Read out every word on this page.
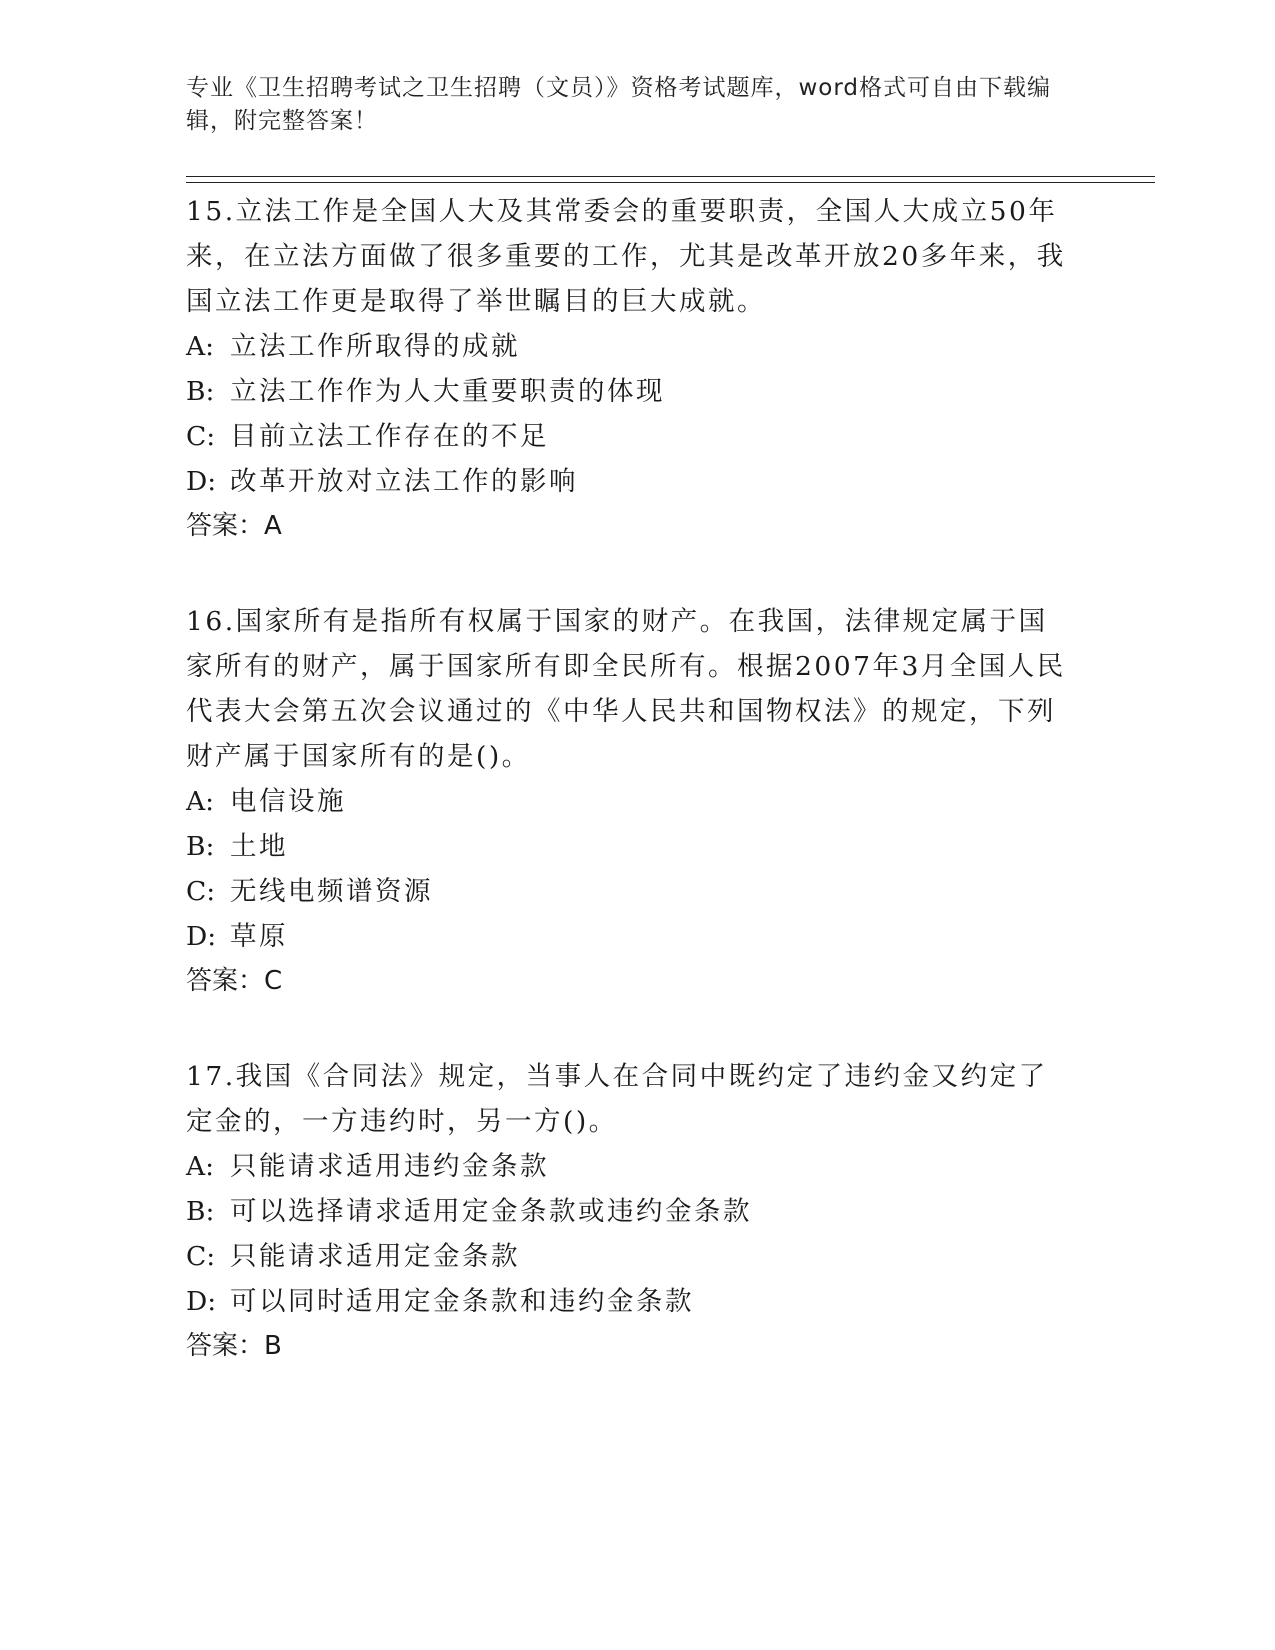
专业《卫生招聘考试之卫生招聘（文员）》资格考试题库，word格式可自由下载编辑，附完整答案！

15.立法工作是全国人大及其常委会的重要职责，全国人大成立50年来，在立法方面做了很多重要的工作，尤其是改革开放20多年来，我国立法工作更是取得了举世瞩目的巨大成就。

A: 立法工作所取得的成就

B: 立法工作作为人大重要职责的体现

C: 目前立法工作存在的不足

D: 改革开放对立法工作的影响

答案：A

16.国家所有是指所有权属于国家的财产。在我国，法律规定属于国家所有的财产，属于国家所有即全民所有。根据2007年3月全国人民代表大会第五次会议通过的《中华人民共和国物权法》的规定，下列财产属于国家所有的是()。

A: 电信设施

B: 土地

C: 无线电频谱资源

D: 草原

答案：C

17.我国《合同法》规定，当事人在合同中既约定了违约金又约定了定金的，一方违约时，另一方()。

A: 只能请求适用违约金条款

B: 可以选择请求适用定金条款或违约金条款

C: 只能请求适用定金条款

D: 可以同时适用定金条款和违约金条款

答案：B
